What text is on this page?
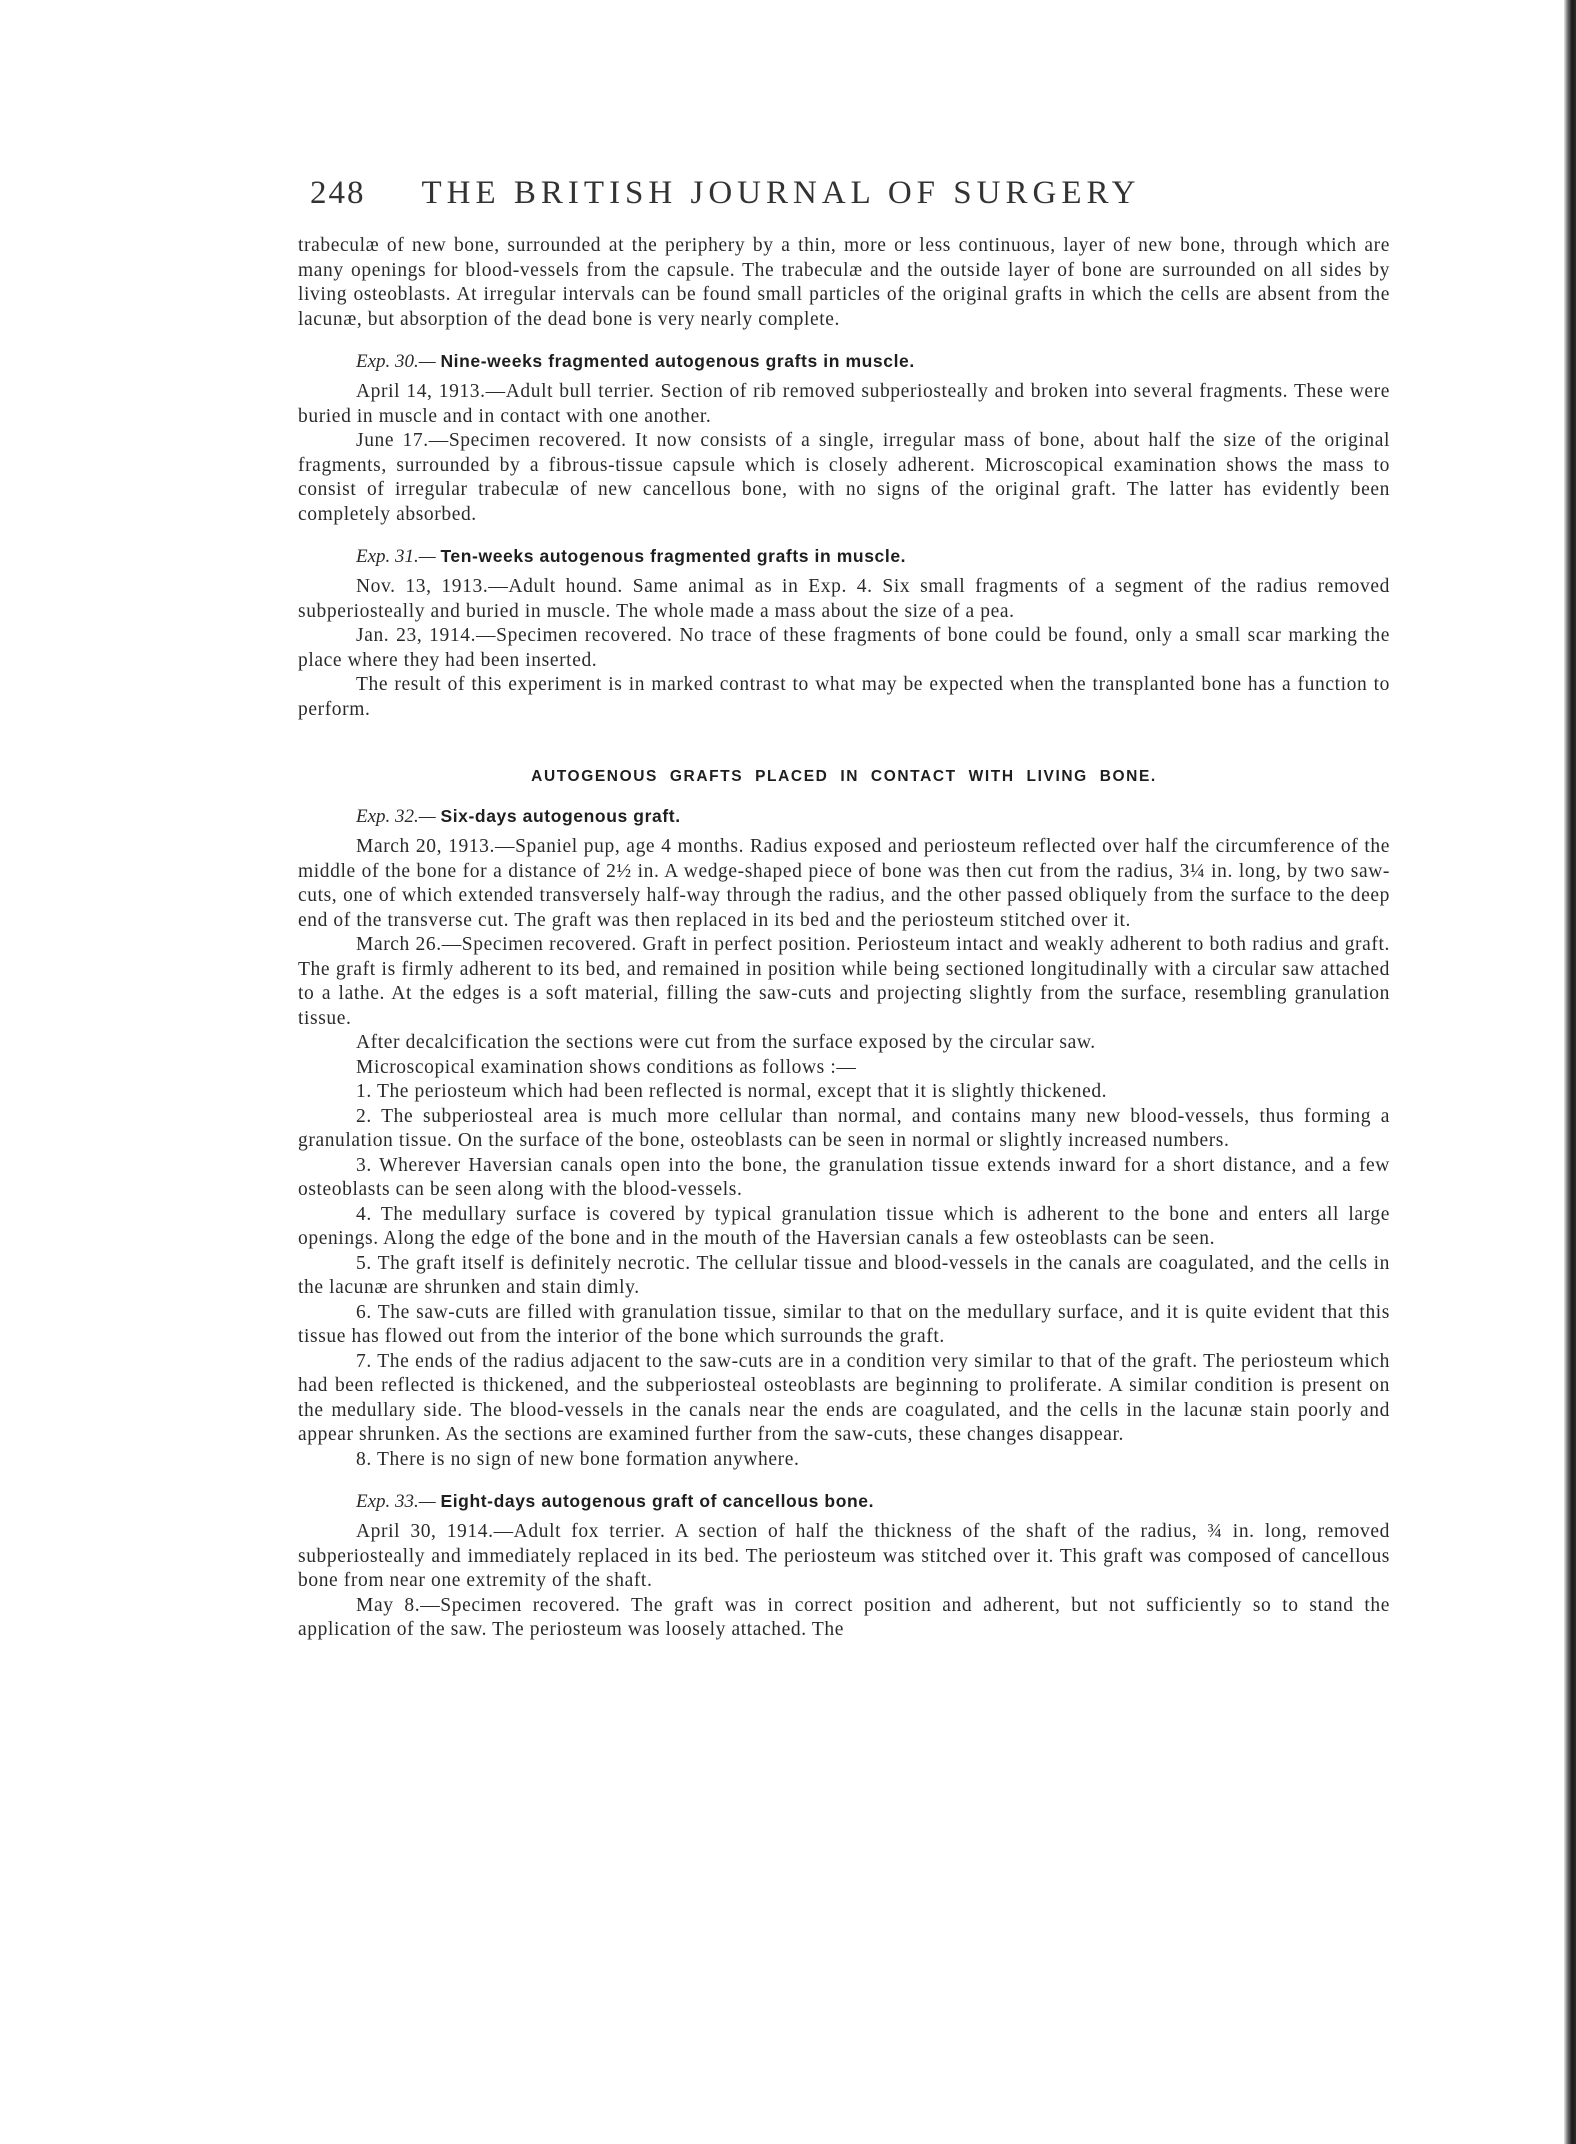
248 THE BRITISH JOURNAL OF SURGERY

trabeculæ of new bone, surrounded at the periphery by a thin, more or less continuous, layer of new bone, through which are many openings for blood-vessels from the capsule. The trabeculæ and the outside layer of bone are surrounded on all sides by living osteoblasts. At irregular intervals can be found small particles of the original grafts in which the cells are absent from the lacunæ, but absorption of the dead bone is very nearly complete.

Exp. 30.— Nine-weeks fragmented autogenous grafts in muscle.

April 14, 1913.—Adult bull terrier. Section of rib removed subperiosteally and broken into several fragments. These were buried in muscle and in contact with one another.

June 17.—Specimen recovered. It now consists of a single, irregular mass of bone, about half the size of the original fragments, surrounded by a fibrous-tissue capsule which is closely adherent. Microscopical examination shows the mass to consist of irregular trabeculæ of new cancellous bone, with no signs of the original graft. The latter has evidently been completely absorbed.

Exp. 31.— Ten-weeks autogenous fragmented grafts in muscle.

Nov. 13, 1913.—Adult hound. Same animal as in Exp. 4. Six small fragments of a segment of the radius removed subperiosteally and buried in muscle. The whole made a mass about the size of a pea.

Jan. 23, 1914.—Specimen recovered. No trace of these fragments of bone could be found, only a small scar marking the place where they had been inserted.

The result of this experiment is in marked contrast to what may be expected when the transplanted bone has a function to perform.

AUTOGENOUS GRAFTS PLACED IN CONTACT WITH LIVING BONE.
Exp. 32.— Six-days autogenous graft.

March 20, 1913.—Spaniel pup, age 4 months. Radius exposed and periosteum reflected over half the circumference of the middle of the bone for a distance of 2½ in. A wedge-shaped piece of bone was then cut from the radius, 3¼ in. long, by two saw-cuts, one of which extended transversely half-way through the radius, and the other passed obliquely from the surface to the deep end of the transverse cut. The graft was then replaced in its bed and the periosteum stitched over it.

March 26.—Specimen recovered. Graft in perfect position. Periosteum intact and weakly adherent to both radius and graft. The graft is firmly adherent to its bed, and remained in position while being sectioned longitudinally with a circular saw attached to a lathe. At the edges is a soft material, filling the saw-cuts and projecting slightly from the surface, resembling granulation tissue.

After decalcification the sections were cut from the surface exposed by the circular saw.

Microscopical examination shows conditions as follows :—

1. The periosteum which had been reflected is normal, except that it is slightly thickened.

2. The subperiosteal area is much more cellular than normal, and contains many new blood-vessels, thus forming a granulation tissue. On the surface of the bone, osteoblasts can be seen in normal or slightly increased numbers.

3. Wherever Haversian canals open into the bone, the granulation tissue extends inward for a short distance, and a few osteoblasts can be seen along with the blood-vessels.

4. The medullary surface is covered by typical granulation tissue which is adherent to the bone and enters all large openings. Along the edge of the bone and in the mouth of the Haversian canals a few osteoblasts can be seen.

5. The graft itself is definitely necrotic. The cellular tissue and blood-vessels in the canals are coagulated, and the cells in the lacunæ are shrunken and stain dimly.

6. The saw-cuts are filled with granulation tissue, similar to that on the medullary surface, and it is quite evident that this tissue has flowed out from the interior of the bone which surrounds the graft.

7. The ends of the radius adjacent to the saw-cuts are in a condition very similar to that of the graft. The periosteum which had been reflected is thickened, and the subperiosteal osteoblasts are beginning to proliferate. A similar condition is present on the medullary side. The blood-vessels in the canals near the ends are coagulated, and the cells in the lacunæ stain poorly and appear shrunken. As the sections are examined further from the saw-cuts, these changes disappear.

8. There is no sign of new bone formation anywhere.

Exp. 33.— Eight-days autogenous graft of cancellous bone.

April 30, 1914.—Adult fox terrier. A section of half the thickness of the shaft of the radius, ¾ in. long, removed subperiosteally and immediately replaced in its bed. The periosteum was stitched over it. This graft was composed of cancellous bone from near one extremity of the shaft.

May 8.—Specimen recovered. The graft was in correct position and adherent, but not sufficiently so to stand the application of the saw. The periosteum was loosely attached. The
